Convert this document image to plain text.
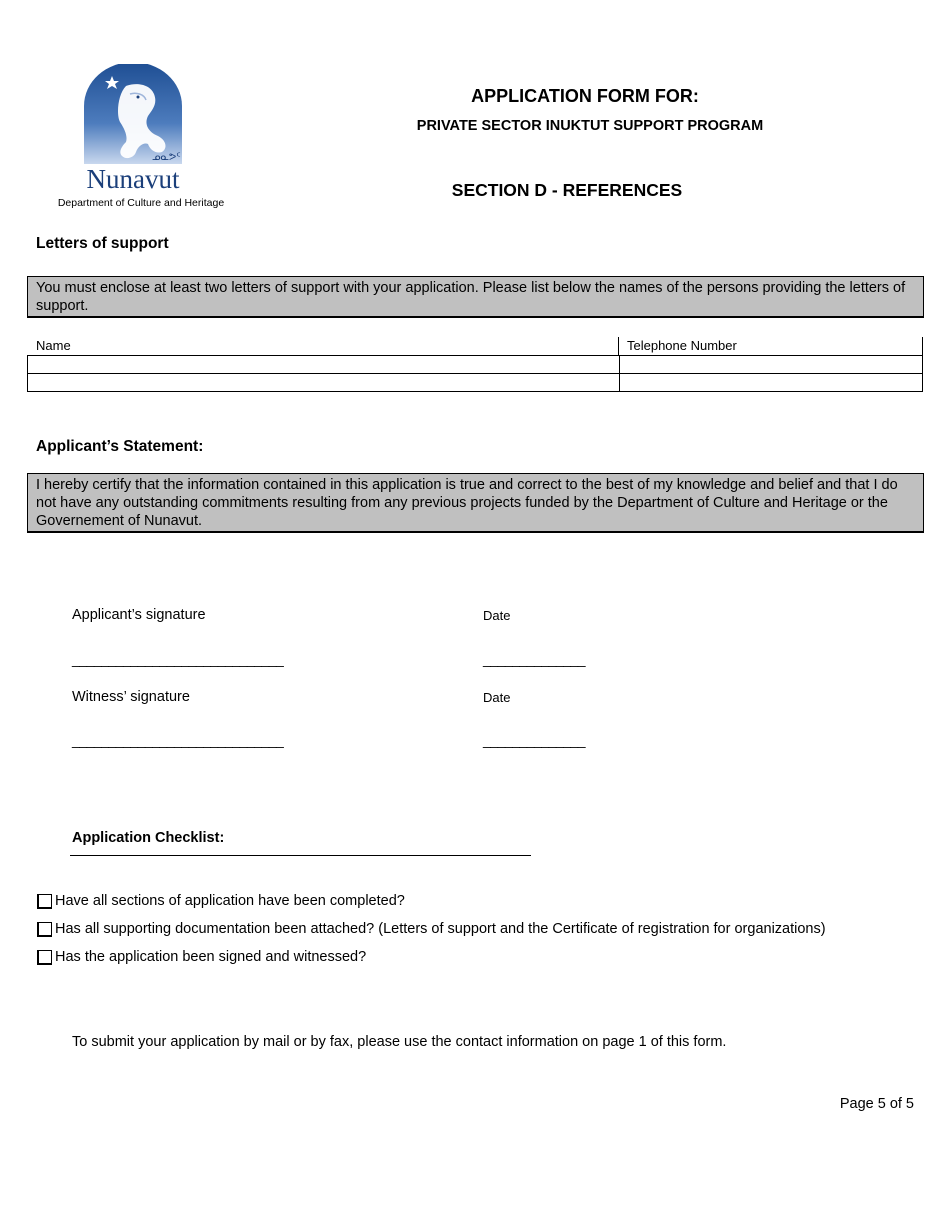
ᓄᓇᕗᑦ
Nunavut
Department of Culture and Heritage
APPLICATION FORM FOR:
PRIVATE SECTOR INUKTUT SUPPORT PROGRAM
SECTION D - REFERENCES
Letters of support
You must enclose at least two letters of support with your application. Please list below the names of the persons providing the letters of support.
Name	Telephone Number

Applicant’s Statement:
I hereby certify that the information contained in this application is true and correct to the best of my knowledge and belief and that I do not have any outstanding commitments resulting from any previous projects funded by the Department of Culture and Heritage or the Governement of Nunavut.
Applicant’s signature	Date
_____________________________	______________
Witness’ signature	Date
_____________________________	______________
Application Checklist:
Have all sections of application have been completed?
Has all supporting documentation been attached? (Letters of support and the Certificate of registration for organizations)
Has the application been signed and witnessed?
To submit your application by mail or by fax, please use the contact information on page 1 of this form.
Page 5 of 5
